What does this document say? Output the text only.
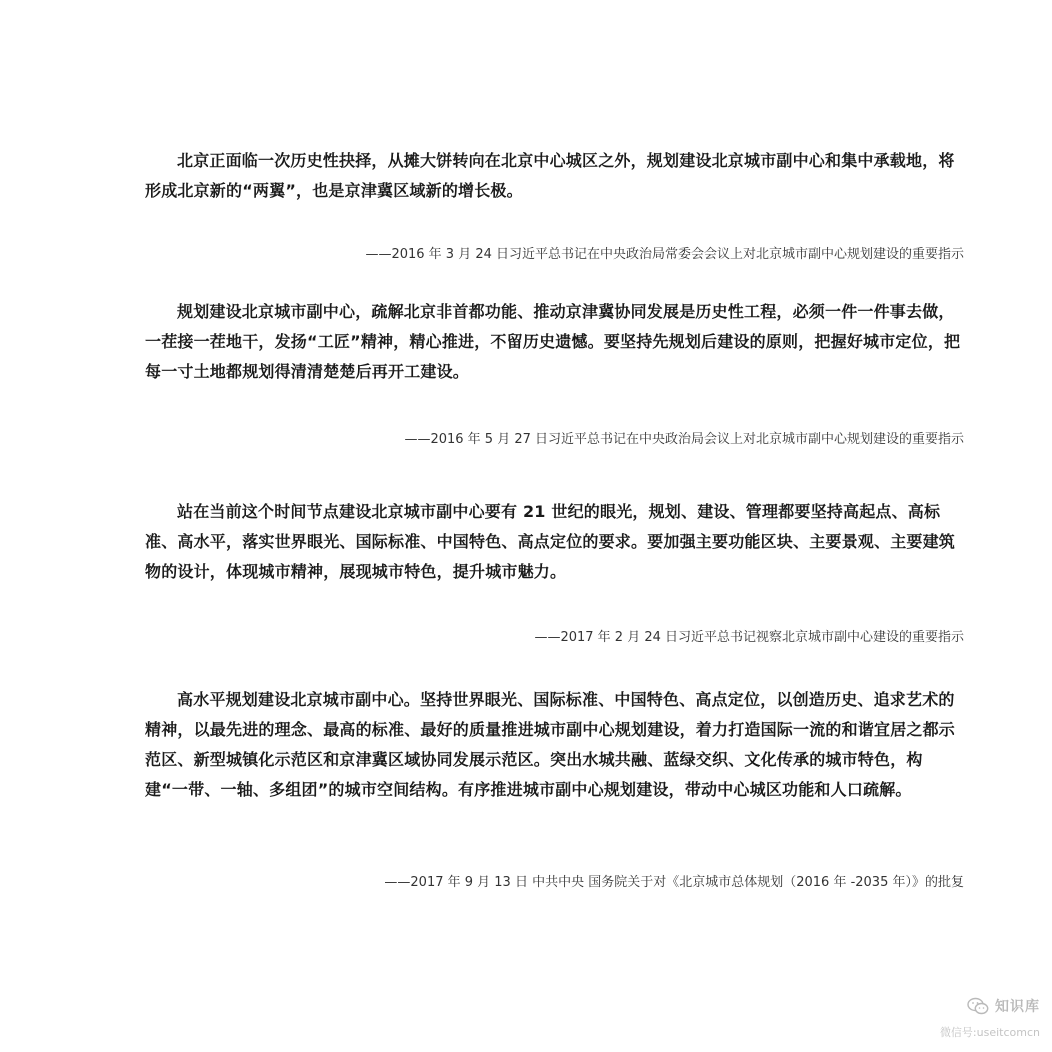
北京正面临一次历史性抉择，从摊大饼转向在北京中心城区之外，规划建设北京城市副中心和集中承载地，将形成北京新的“两翼”，也是京津冀区域新的增长极。

——2016 年 3 月 24 日习近平总书记在中央政治局常委会会议上对北京城市副中心规划建设的重要指示

规划建设北京城市副中心，疏解北京非首都功能、推动京津冀协同发展是历史性工程，必须一件一件事去做，一茬接一茬地干，发扬“工匠”精神，精心推进，不留历史遗憾。要坚持先规划后建设的原则，把握好城市定位，把每一寸土地都规划得清清楚楚后再开工建设。

——2016 年 5 月 27 日习近平总书记在中央政治局会议上对北京城市副中心规划建设的重要指示

站在当前这个时间节点建设北京城市副中心要有 21 世纪的眼光，规划、建设、管理都要坚持高起点、高标准、高水平，落实世界眼光、国际标准、中国特色、高点定位的要求。要加强主要功能区块、主要景观、主要建筑物的设计，体现城市精神，展现城市特色，提升城市魅力。

——2017 年 2 月 24 日习近平总书记视察北京城市副中心建设的重要指示

高水平规划建设北京城市副中心。坚持世界眼光、国际标准、中国特色、高点定位，以创造历史、追求艺术的精神，以最先进的理念、最高的标准、最好的质量推进城市副中心规划建设，着力打造国际一流的和谐宜居之都示范区、新型城镇化示范区和京津冀区域协同发展示范区。突出水城共融、蓝绿交织、文化传承的城市特色，构建“一带、一轴、多组团”的城市空间结构。有序推进城市副中心规划建设，带动中心城区功能和人口疏解。

——2017 年 9 月 13 日 中共中央 国务院关于对《北京城市总体规划（2016 年 -2035 年）》的批复

知识库
微信号:useitcomcn
